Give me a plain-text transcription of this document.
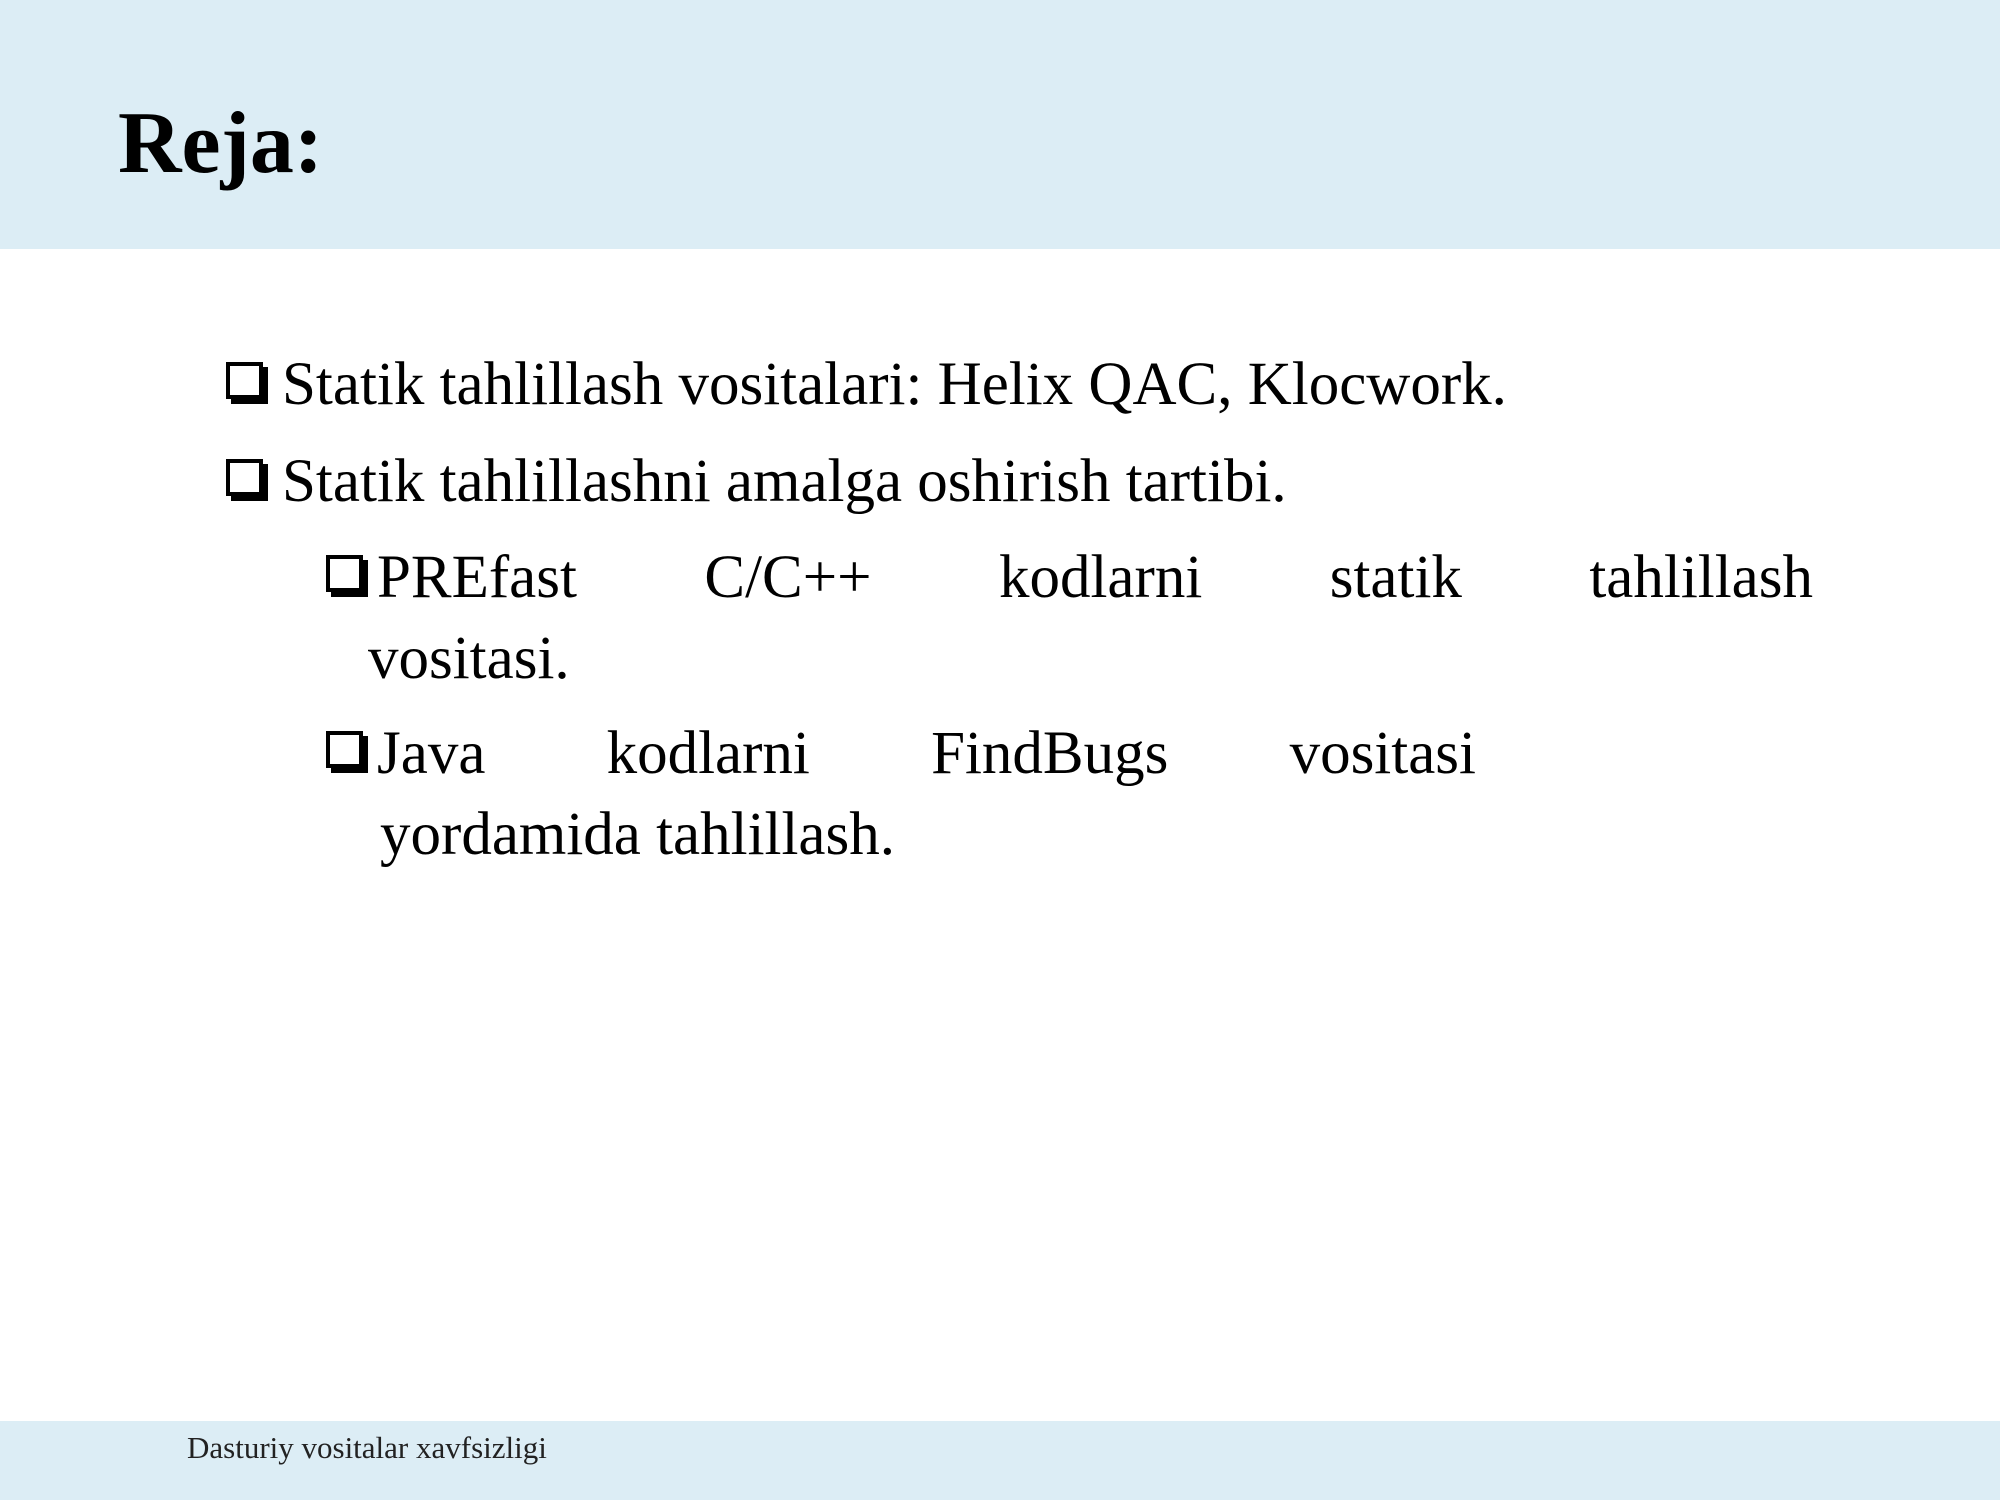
Reja:
Statik tahlillash vositalari: Helix QAC, Klocwork.
Statik tahlillashni amalga oshirish tartibi.
PREfast C/C++ kodlarni statik tahlillash
vositasi.
Java kodlarni FindBugs vositasi
yordamida tahlillash.
Dasturiy vositalar xavfsizligi
